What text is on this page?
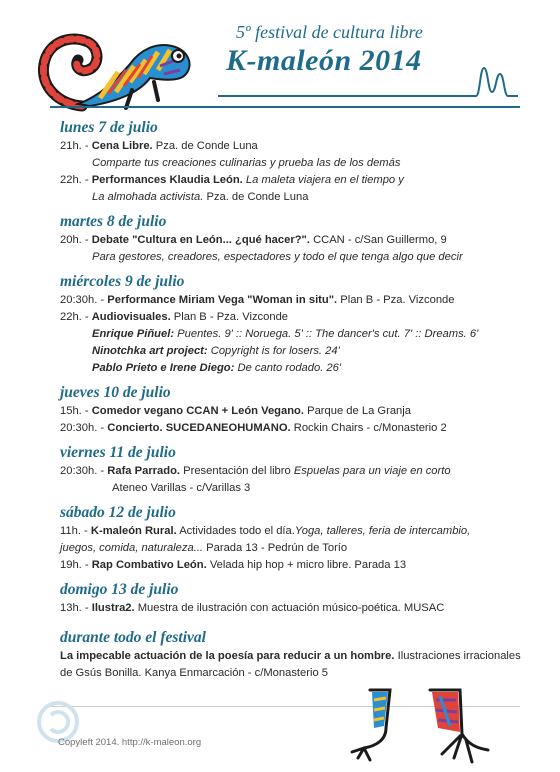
5º festival de cultura libre
K-maleón 2014

lunes 7 de julio

21h. - Cena Libre. Pza. de Conde Luna

Comparte tus creaciones culinarias y prueba las de los demás

22h. - Performances Klaudia León. La maleta viajera en el tiempo y

La almohada activista. Pza. de Conde Luna

martes 8 de julio

20h. - Debate "Cultura en León... ¿qué hacer?". CCAN - c/San Guillermo, 9

Para gestores, creadores, espectadores y todo el que tenga algo que decir

miércoles 9 de julio

20:30h. - Performance Miriam Vega "Woman in situ". Plan B - Pza. Vizconde

22h. - Audiovisuales. Plan B - Pza. Vizconde

Enrique Piñuel: Puentes. 9' :: Noruega. 5' :: The dancer's cut. 7' :: Dreams. 6'

Ninotchka art project: Copyright is for losers. 24'

Pablo Prieto e Irene Diego: De canto rodado. 26'

jueves 10 de julio

15h. - Comedor vegano CCAN + León Vegano. Parque de La Granja

20:30h. - Concierto. SUCEDANEOHUMANO. Rockin Chairs - c/Monasterio 2

viernes 11 de julio

20:30h. - Rafa Parrado. Presentación del libro Espuelas para un viaje en corto

Ateneo Varillas - c/Varillas 3

sábado 12 de julio

11h. - K-maleón Rural. Actividades todo el día.Yoga, talleres, feria de intercambio,

juegos, comida, naturaleza... Parada 13 - Pedrún de Torío

19h. - Rap Combativo León. Velada hip hop + micro libre. Parada 13

domigo 13 de julio

13h. - Ilustra2. Muestra de ilustración con actuación músico-poética. MUSAC

durante todo el festival

La impecable actuación de la poesía para reducir a un hombre. Ilustraciones irracionales de Gsús Bonilla. Kanya Enmarcación - c/Monasterio 5

Copyleft 2014. http://k-maleon.org
